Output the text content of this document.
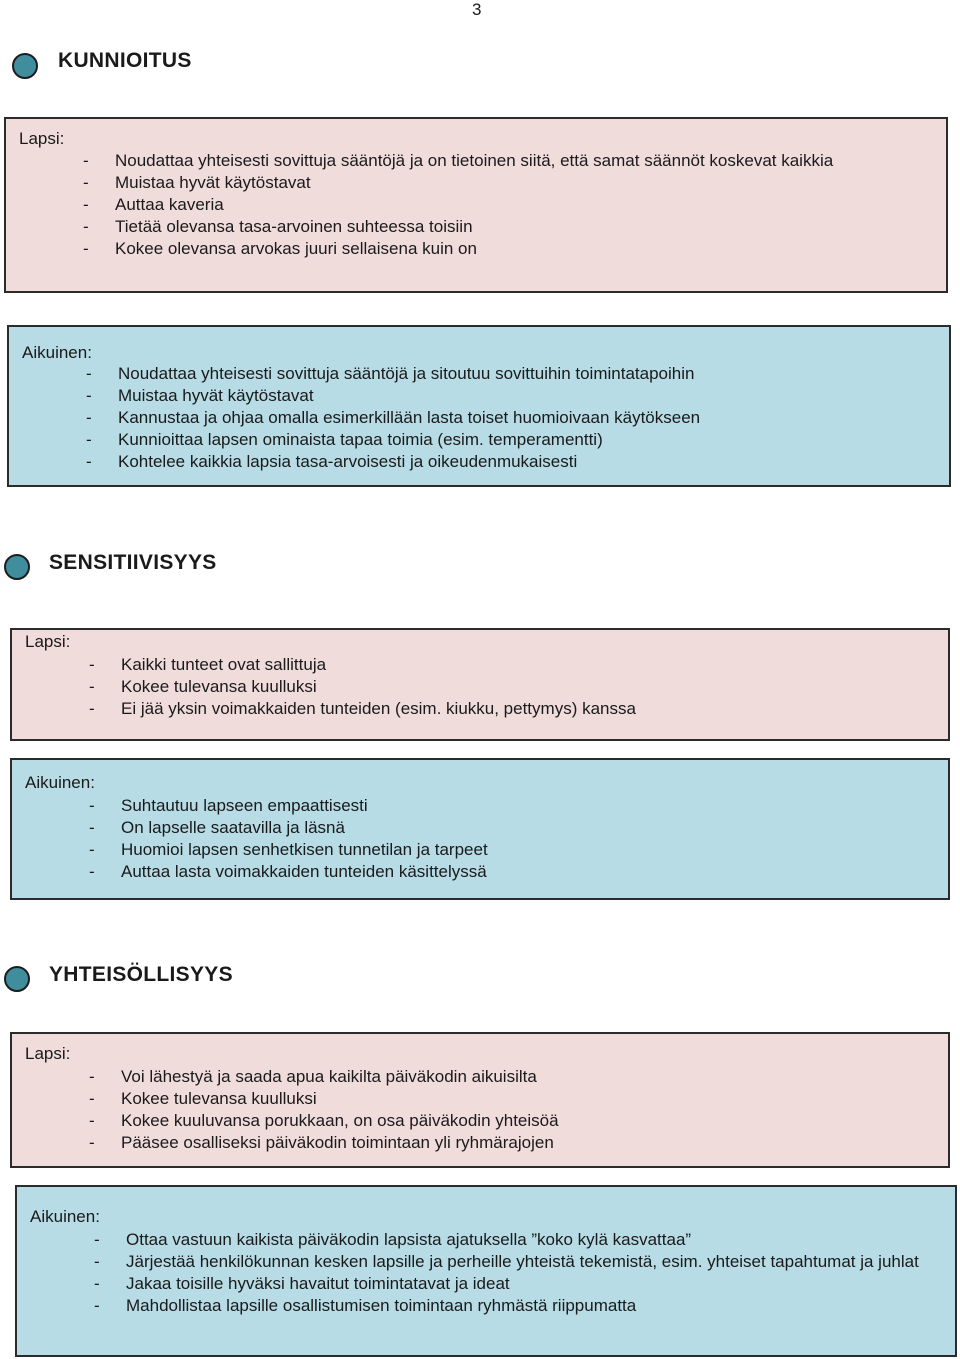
3
KUNNIOITUS
Lapsi:
- Noudattaa yhteisesti sovittuja sääntöjä ja on tietoinen siitä, että samat säännöt koskevat kaikkia
- Muistaa hyvät käytöstavat
- Auttaa kaveria
- Tietää olevansa tasa-arvoinen suhteessa toisiin
- Kokee olevansa arvokas juuri sellaisena kuin on
Aikuinen:
- Noudattaa yhteisesti sovittuja sääntöjä ja sitoutuu sovittuihin toimintatapoihin
- Muistaa hyvät käytöstavat
- Kannustaa ja ohjaa omalla esimerkillään lasta toiset huomioivaan käytökseen
- Kunnioittaa lapsen ominaista tapaa toimia (esim. temperamentti)
- Kohtelee kaikkia lapsia tasa-arvoisesti ja oikeudenmukaisesti
SENSITIIVISYYS
Lapsi:
- Kaikki tunteet ovat sallittuja
- Kokee tulevansa kuulluksi
- Ei jää yksin voimakkaiden tunteiden (esim. kiukku, pettymys) kanssa
Aikuinen:
- Suhtautuu lapseen empaattisesti
- On lapselle saatavilla ja läsnä
- Huomioi lapsen senhetkisen tunnetilan ja tarpeet
- Auttaa lasta voimakkaiden tunteiden käsittelyssä
YHTEISÖLLISYYS
Lapsi:
- Voi lähestyä ja saada apua kaikilta päiväkodin aikuisilta
- Kokee tulevansa kuulluksi
- Kokee kuuluvansa porukkaan, on osa päiväkodin yhteisöä
- Pääsee osalliseksi päiväkodin toimintaan yli ryhmärajojen
Aikuinen:
- Ottaa vastuun kaikista päiväkodin lapsista ajatuksella ”koko kylä kasvattaa”
- Järjestää henkilökunnan kesken lapsille ja perheille yhteistä tekemistä, esim. yhteiset tapahtumat ja juhlat
- Jakaa toisille hyväksi havaitut toimintatavat ja ideat
- Mahdollistaa lapsille osallistumisen toimintaan ryhmästä riippumatta
